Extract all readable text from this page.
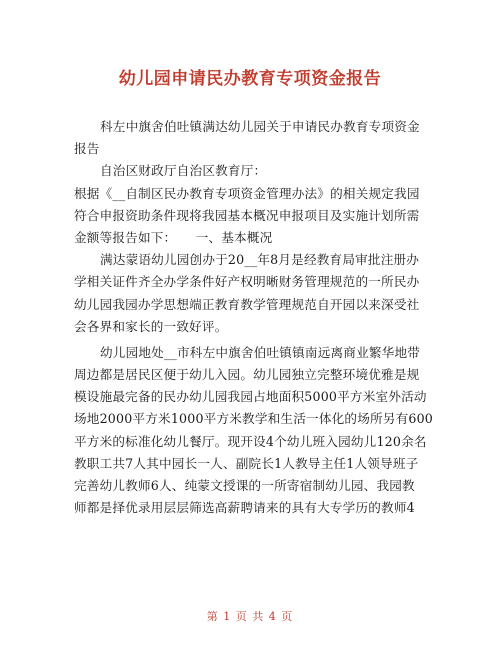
幼儿园申请民办教育专项资金报告
科左中旗舍伯吐镇满达幼儿园关于申请民办教育专项资金
报告
自治区财政厅自治区教育厅：
根据《__自制区民办教育专项资金管理办法》的相关规定我园
符合申报资助条件现将我园基本概况申报项目及实施计划所需
金额等报告如下：　　一、基本概况
满达蒙语幼儿园创办于20__年8月是经教育局审批注册办
学相关证件齐全办学条件好产权明晰财务管理规范的一所民办
幼儿园我园办学思想端正教育教学管理规范自开园以来深受社
会各界和家长的一致好评。
幼儿园地处__市科左中旗舍伯吐镇镇南远离商业繁华地带
周边都是居民区便于幼儿入园。幼儿园独立完整环境优雅是规
模设施最完备的民办幼儿园我园占地面积5000平方米室外活动
场地2000平方米1000平方米教学和生活一体化的场所另有600
平方米的标准化幼儿餐厅。现开设4个幼儿班入园幼儿120余名
教职工共7人其中园长一人、副院长1人教导主任1人领导班子
完善幼儿教师6人、纯蒙文授课的一所寄宿制幼儿园、我园教
师都是择优录用层层筛选高薪聘请来的具有大专学历的教师4
第 1 页 共 4 页
